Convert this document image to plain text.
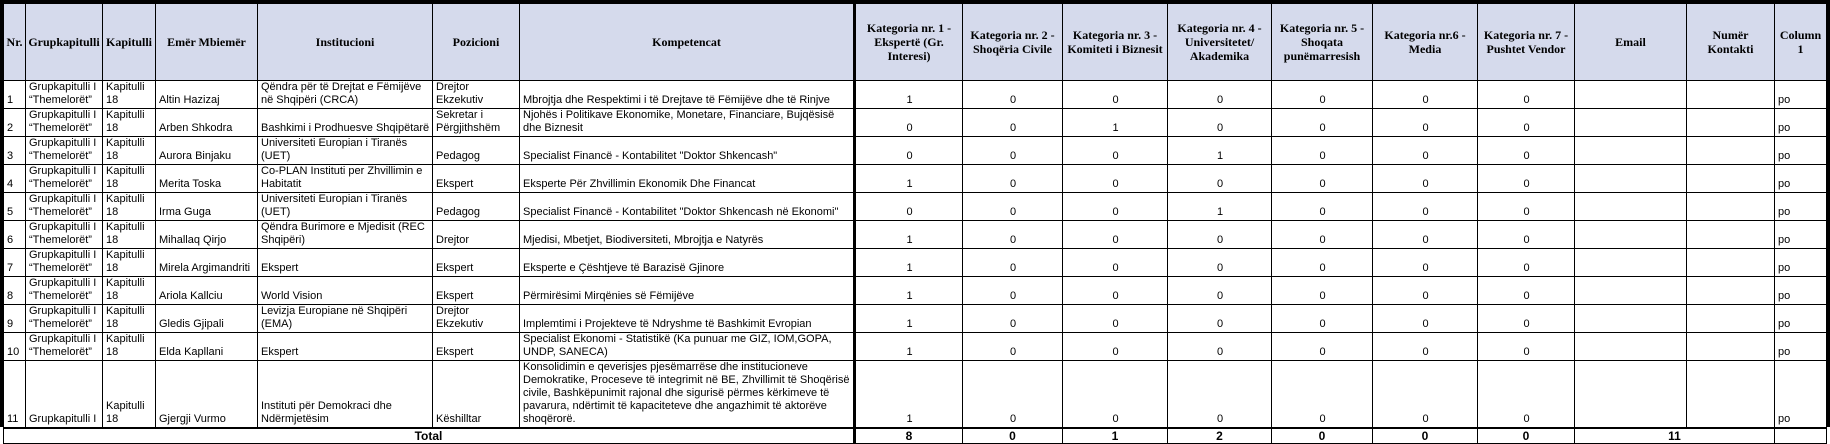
Nr.	Grupkapitulli	Kapitulli	Emër Mbiemër	Institucioni	Pozicioni	Kompetencat	Kategoria nr. 1 - Ekspertë (Gr. Interesi)	Kategoria nr. 2 - Shoqëria Civile	Kategoria nr. 3 - Komiteti i Biznesit	Kategoria nr. 4 - Universitetet/ Akademika	Kategoria nr. 5 - Shoqata punëmarresish	Kategoria nr.6 - Media	Kategoria nr. 7 - Pushtet Vendor	Email	Numër Kontakti	Column1
1	Grupkapitulli I “Themelorët”	Kapitulli 18	Altin Hazizaj	Qëndra për të Drejtat e Fëmijëve në Shqipëri (CRCA)	Drejtor Ekzekutiv	Mbrojtja dhe Respektimi i të Drejtave të Fëmijëve dhe të Rinjve	1	0	0	0	0	0	0			po
2	Grupkapitulli I “Themelorët”	Kapitulli 18	Arben Shkodra	Bashkimi i Prodhuesve Shqipëtarë	Sekretar i Përgjithshëm	Njohës i Politikave Ekonomike, Monetare, Financiare, Bujqësisë dhe Biznesit	0	0	1	0	0	0	0			po
3	Grupkapitulli I “Themelorët”	Kapitulli 18	Aurora Binjaku	Universiteti Europian i Tiranës (UET)	Pedagog	Specialist Financë - Kontabilitet "Doktor Shkencash"	0	0	0	1	0	0	0			po
4	Grupkapitulli I “Themelorët”	Kapitulli 18	Merita Toska	Co-PLAN Instituti per Zhvillimin e Habitatit	Ekspert	Eksperte Për Zhvillimin Ekonomik Dhe Financat	1	0	0	0	0	0	0			po
5	Grupkapitulli I “Themelorët”	Kapitulli 18	Irma Guga	Universiteti Europian i Tiranës (UET)	Pedagog	Specialist Financë - Kontabilitet "Doktor Shkencash në Ekonomi"	0	0	0	1	0	0	0			po
6	Grupkapitulli I “Themelorët”	Kapitulli 18	Mihallaq Qirjo	Qëndra Burimore e Mjedisit (REC Shqipëri)	Drejtor	Mjedisi, Mbetjet, Biodiversiteti, Mbrojtja e Natyrës	1	0	0	0	0	0	0			po
7	Grupkapitulli I “Themelorët”	Kapitulli 18	Mirela Argimandriti	Ekspert	Ekspert	Eksperte e Çështjeve të Barazisë Gjinore	1	0	0	0	0	0	0			po
8	Grupkapitulli I “Themelorët”	Kapitulli 18	Ariola Kallciu	World Vision	Ekspert	Përmirësimi Mirqënies së Fëmijëve	1	0	0	0	0	0	0			po
9	Grupkapitulli I “Themelorët”	Kapitulli 18	Gledis Gjipali	Levizja Europiane në Shqipëri (EMA)	Drejtor Ekzekutiv	Implemtimi i Projekteve të Ndryshme të Bashkimit Evropian	1	0	0	0	0	0	0			po
10	Grupkapitulli I “Themelorët”	Kapitulli 18	Elda Kapllani	Ekspert	Ekspert	Specialist Ekonomi - Statistikë (Ka punuar me GIZ, IOM,GOPA, UNDP, SANECA)	1	0	0	0	0	0	0			po
11	Grupkapitulli I	Kapitulli 18	Gjergji Vurmo	Instituti për Demokraci dhe Ndërmjetësim	Këshilltar	Konsolidimin e qeverisjes pjesëmarrëse dhe institucioneve Demokratike, Proceseve të integrimit në BE, Zhvillimit të Shoqërisë civile, Bashkëpunimit rajonal dhe sigurisë përmes kërkimeve të pavarura, ndërtimit të kapaciteteve dhe angazhimit të aktorëve shoqërorë.	1	0	0	0	0	0	0			po
Total							8	0	1	2	0	0	0	11		
